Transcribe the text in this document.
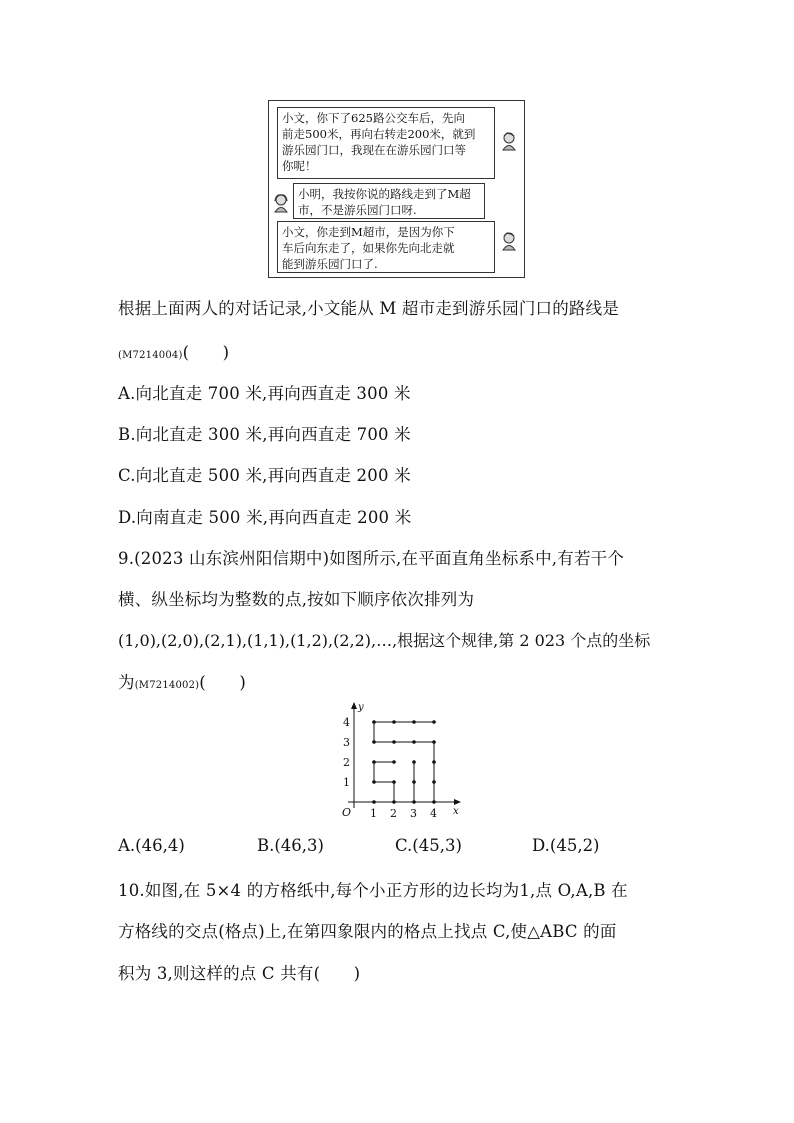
小文，你下了625路公交车后，先向
前走500米，再向右转走200米，就到
游乐园门口，我现在在游乐园门口等
你呢！
小明，我按你说的路线走到了M超
市，不是游乐园门口呀.
小文，你走到M超市，是因为你下
车后向东走了，如果你先向北走就
能到游乐园门口了.
根据上面两人的对话记录,小文能从 M 超市走到游乐园门口的路线是
(M7214004)(　　)
A.向北直走 700 米,再向西直走 300 米
B.向北直走 300 米,再向西直走 700 米
C.向北直走 500 米,再向西直走 200 米
D.向南直走 500 米,再向西直走 200 米
9.(2023 山东滨州阳信期中)如图所示,在平面直角坐标系中,有若干个
横、纵坐标均为整数的点,按如下顺序依次排列为
(1,0),(2,0),(2,1),(1,1),(1,2),(2,2),…,根据这个规律,第 2 023 个点的坐标
为(M7214002)(　　)
y
x
O 1 2 3 4
1
2
3
4
A.(46,4)	B.(46,3)	C.(45,3)	D.(45,2)
10.如图,在 5×4 的方格纸中,每个小正方形的边长均为1,点 O,A,B 在
方格线的交点(格点)上,在第四象限内的格点上找点 C,使△ABC 的面
积为 3,则这样的点 C 共有(　　)
